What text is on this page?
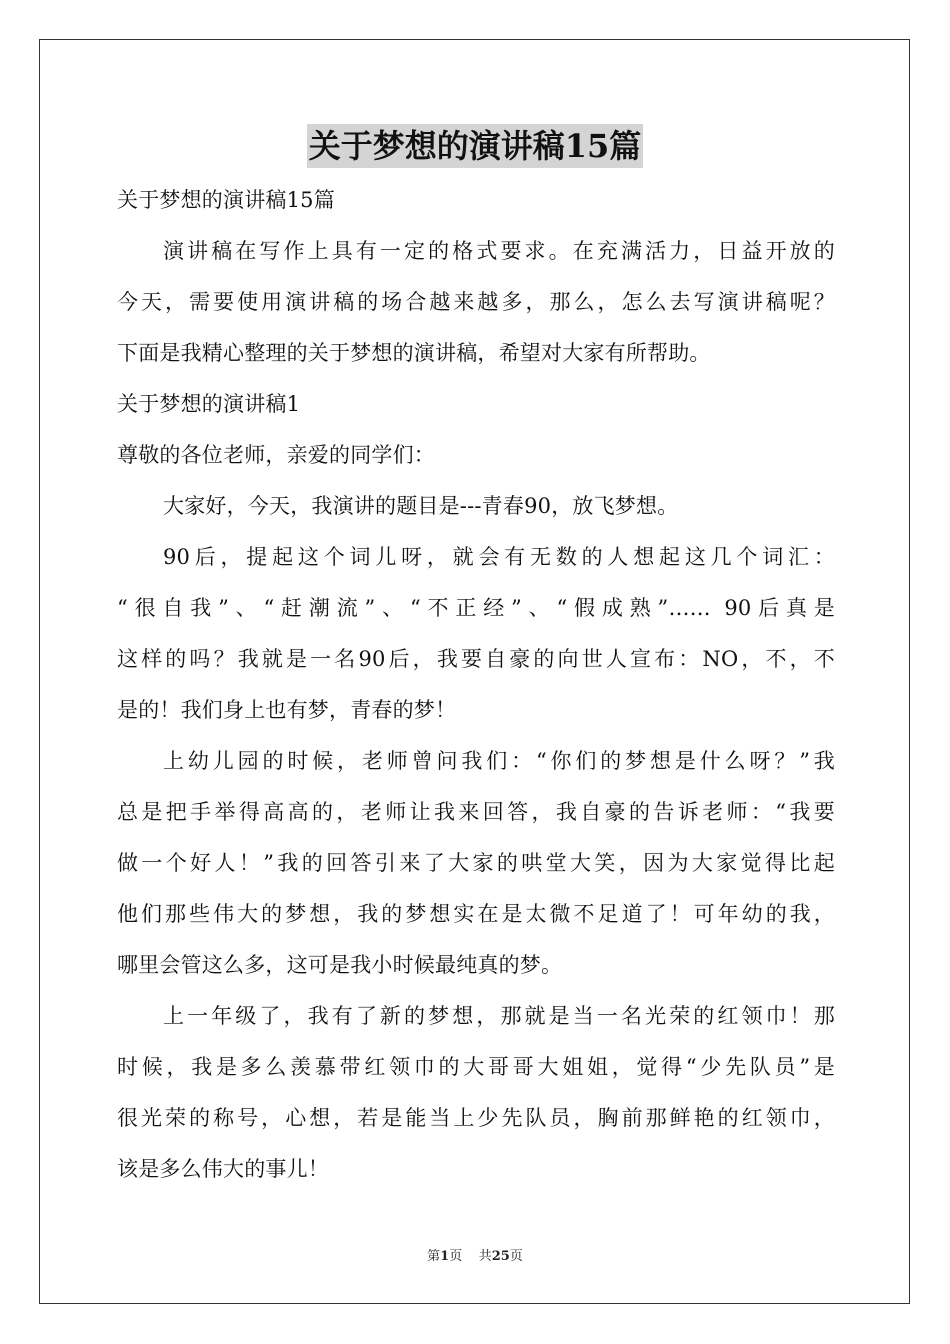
关于梦想的演讲稿15篇
关于梦想的演讲稿15篇
演讲稿在写作上具有一定的格式要求。在充满活力，日益开放的
今天，需要使用演讲稿的场合越来越多，那么，怎么去写演讲稿呢？
下面是我精心整理的关于梦想的演讲稿，希望对大家有所帮助。
关于梦想的演讲稿1
尊敬的各位老师，亲爱的同学们：
大家好，今天，我演讲的题目是---青春90，放飞梦想。
90后，提起这个词儿呀，就会有无数的人想起这几个词汇：
“很自我”、“赶潮流”、“不正经”、“假成熟”…… 90后真是
这样的吗？我就是一名90后，我要自豪的向世人宣布：NO，不，不
是的！我们身上也有梦，青春的梦！
上幼儿园的时候，老师曾问我们：“你们的梦想是什么呀？”我
总是把手举得高高的，老师让我来回答，我自豪的告诉老师：“我要
做一个好人！”我的回答引来了大家的哄堂大笑，因为大家觉得比起
他们那些伟大的梦想，我的梦想实在是太微不足道了！可年幼的我，
哪里会管这么多，这可是我小时候最纯真的梦。
上一年级了，我有了新的梦想，那就是当一名光荣的红领巾！那
时候，我是多么羡慕带红领巾的大哥哥大姐姐，觉得“少先队员”是
很光荣的称号，心想，若是能当上少先队员，胸前那鲜艳的红领巾，
该是多么伟大的事儿！
第1页 共25页
